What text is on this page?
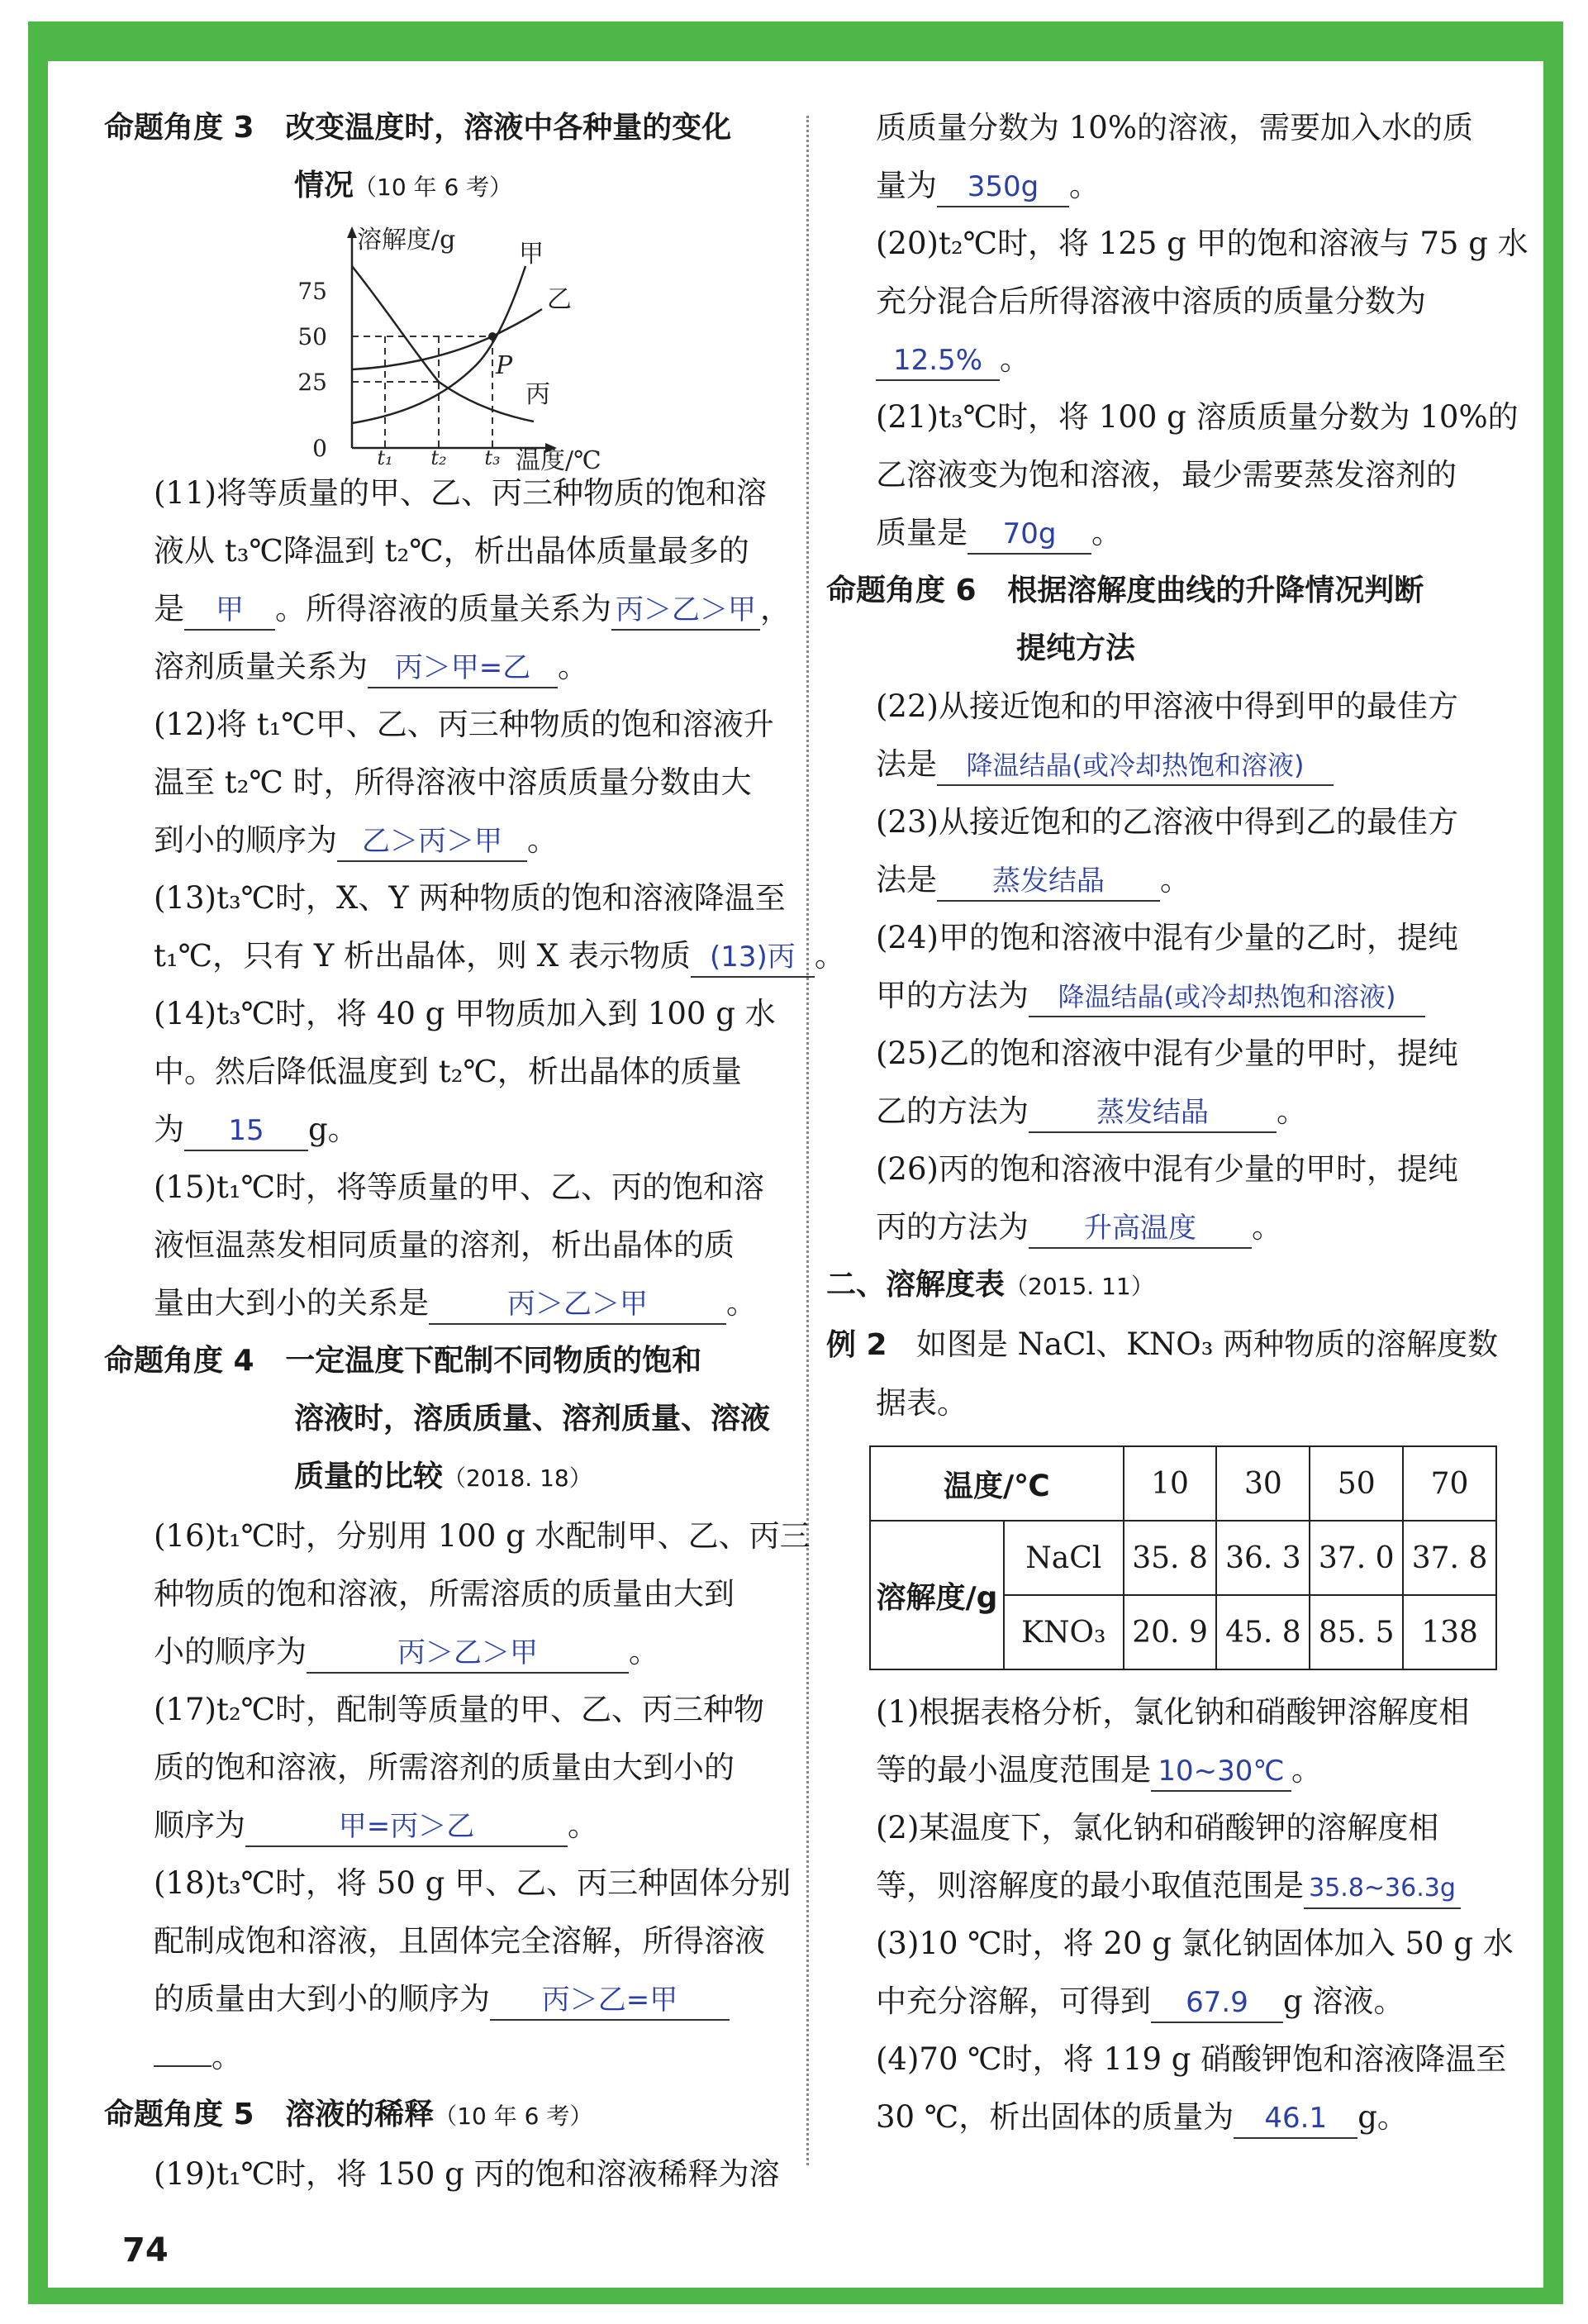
命题角度 3 改变温度时，溶液中各种量的变化
情况（10 年 6 考）
溶解度/g
75
50
25
0
P
甲
乙
丙
t₁ t₂ t₃ 温度/℃
(11)将等质量的甲、乙、丙三种物质的饱和溶
液从 t₃℃降温到 t₂℃，析出晶体质量最多的
是 甲 。所得溶液的质量关系为 丙＞乙＞甲 ，
溶剂质量关系为 丙＞甲=乙 。
(12)将 t₁℃甲、乙、丙三种物质的饱和溶液升
温至 t₂℃ 时，所得溶液中溶质质量分数由大
到小的顺序为 乙＞丙＞甲 。
(13)t₃℃时，X、Y 两种物质的饱和溶液降温至
t₁℃，只有 Y 析出晶体，则 X 表示物质 (13)丙 。
(14)t₃℃时，将 40 g 甲物质加入到 100 g 水
中。然后降低温度到 t₂℃，析出晶体的质量
为 15 g。
(15)t₁℃时，将等质量的甲、乙、丙的饱和溶
液恒温蒸发相同质量的溶剂，析出晶体的质
量由大到小的关系是	丙＞乙＞甲	。
命题角度 4 一定温度下配制不同物质的饱和
溶液时，溶质质量、溶剂质量、溶液
质量的比较（2018. 18）
(16)t₁℃时，分别用 100 g 水配制甲、乙、丙三
种物质的饱和溶液，所需溶质的质量由大到
小的顺序为	丙＞乙＞甲	。
(17)t₂℃时，配制等质量的甲、乙、丙三种物
质的饱和溶液，所需溶剂的质量由大到小的
顺序为	甲=丙＞乙	。
(18)t₃℃时，将 50 g 甲、乙、丙三种固体分别
配制成饱和溶液，且固体完全溶解，所得溶液
的质量由大到小的顺序为 丙＞乙=甲
。
命题角度 5 溶液的稀释（10 年 6 考）
(19)t₁℃时，将 150 g 丙的饱和溶液稀释为溶
质质量分数为 10%的溶液，需要加入水的质
量为 350g 。
(20)t₂℃时，将 125 g 甲的饱和溶液与 75 g 水
充分混合后所得溶液中溶质的质量分数为
12.5% 。
(21)t₃℃时，将 100 g 溶质质量分数为 10%的
乙溶液变为饱和溶液，最少需要蒸发溶剂的
质量是 70g 。
命题角度 6 根据溶解度曲线的升降情况判断
提纯方法
(22)从接近饱和的甲溶液中得到甲的最佳方
法是 降温结晶(或冷却热饱和溶液)
(23)从接近饱和的乙溶液中得到乙的最佳方
法是 蒸发结晶 。
(24)甲的饱和溶液中混有少量的乙时，提纯
甲的方法为 降温结晶(或冷却热饱和溶液)
(25)乙的饱和溶液中混有少量的甲时，提纯
乙的方法为 蒸发结晶 。
(26)丙的饱和溶液中混有少量的甲时，提纯
丙的方法为 升高温度 。
二、溶解度表（2015. 11）
例 2 如图是 NaCl、KNO₃ 两种物质的溶解度数
据表。
温度/℃		10	30	50	70
溶解度/g	NaCl	35. 8	36. 3	37. 0	37. 8
	KNO₃	20. 9	45. 8	85. 5	138
(1)根据表格分析，氯化钠和硝酸钾溶解度相
等的最小温度范围是 10~30℃ 。
(2)某温度下，氯化钠和硝酸钾的溶解度相
等，则溶解度的最小取值范围是 35.8~36.3g
(3)10 ℃时，将 20 g 氯化钠固体加入 50 g 水
中充分溶解，可得到 67.9 g 溶液。
(4)70 ℃时，将 119 g 硝酸钾饱和溶液降温至
30 ℃，析出固体的质量为 46.1 g。
74
